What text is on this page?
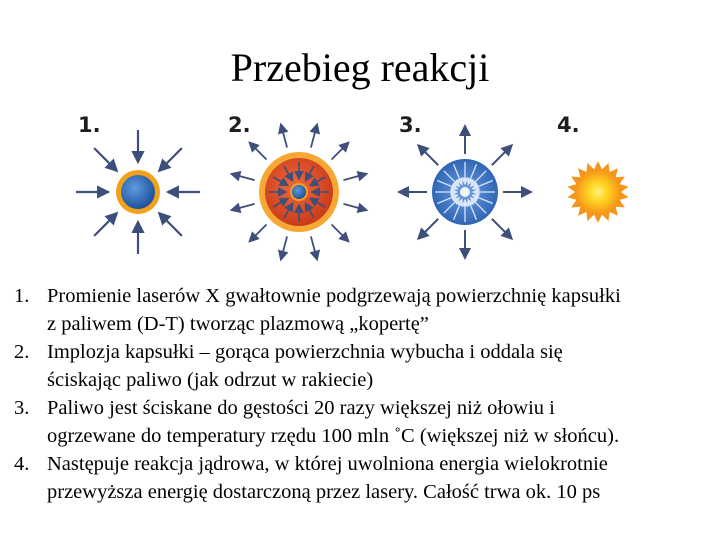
Przebieg reakcji
1.	2.	3.	4.
1. Promienie laserów X gwałtownie podgrzewają powierzchnię kapsułki
z paliwem (D-T) tworząc plazmową „kopertę”
2. Implozja kapsułki – gorąca powierzchnia wybucha i oddala się
ściskając paliwo (jak odrzut w rakiecie)
3. Paliwo jest ściskane do gęstości 20 razy większej niż ołowiu i
ogrzewane do temperatury rzędu 100 mln ˚C (większej niż w słońcu).
4. Następuje reakcja jądrowa, w której uwolniona energia wielokrotnie
przewyższa energię dostarczoną przez lasery. Całość trwa ok. 10 ps
